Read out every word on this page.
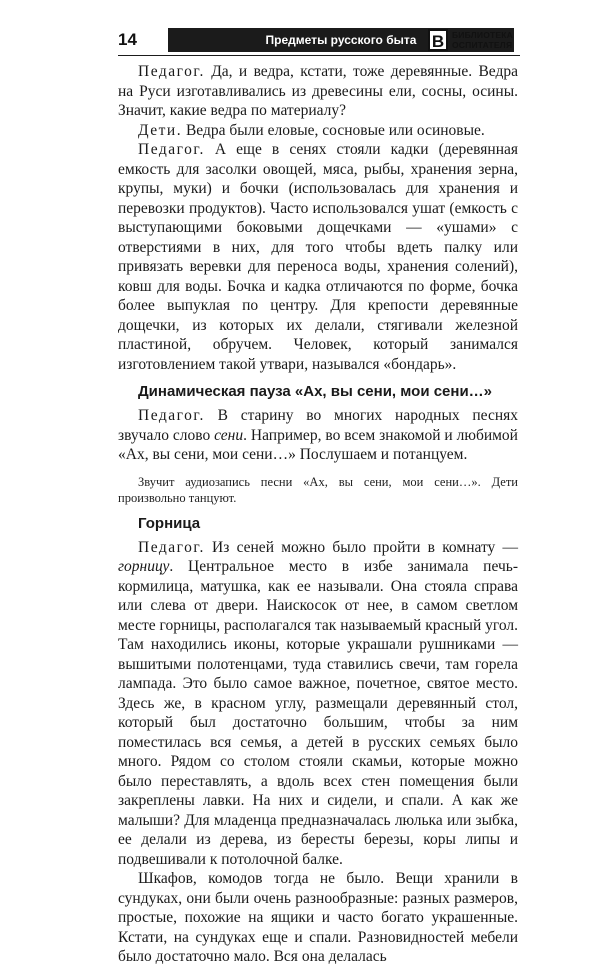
14	Предметы русского быта В БИБЛИОТЕКА
ОСПИТАТЕЛЯ

Педагог. Да, и ведра, кстати, тоже деревянные. Ведра на Руси изготавливались из древесины ели, сосны, осины. Значит, какие ведра по материалу?

Дети. Ведра были еловые, сосновые или осиновые.

Педагог. А еще в сенях стояли кадки (деревянная емкость для засолки овощей, мяса, рыбы, хранения зерна, крупы, муки) и бочки (использовалась для хранения и перевозки продуктов). Часто использовался ушат (емкость с выступающими боковыми дощечками — «ушами» с отверстиями в них, для того чтобы вдеть палку или привязать веревки для переноса воды, хранения солений), ковш для воды. Бочка и кадка отличаются по форме, бочка более выпуклая по центру. Для крепости деревянные дощечки, из которых их делали, стягивали железной пластиной, обручем. Человек, который занимался изготовлением такой утвари, назывался «бондарь».

Динамическая пауза «Ах, вы сени, мои сени…»

Педагог. В старину во многих народных песнях звучало слово сени. Например, во всем знакомой и любимой «Ах, вы сени, мои сени…» Послушаем и потанцуем.

Звучит аудиозапись песни «Ах, вы сени, мои сени…». Дети произвольно танцуют.
Горница

Педагог. Из сеней можно было пройти в комнату — горницу. Центральное место в избе занимала печь-кормилица, матушка, как ее называли. Она стояла справа или слева от двери. Наискосок от нее, в самом светлом месте горницы, располагался так называемый красный угол. Там находились иконы, которые украшали рушниками — вышитыми полотенцами, туда ставились свечи, там горела лампада. Это было самое важное, почетное, святое место. Здесь же, в красном углу, размещали деревянный стол, который был достаточно большим, чтобы за ним поместилась вся семья, а детей в русских семьях было много. Рядом со столом стояли скамьи, которые можно было переставлять, а вдоль всех стен помещения были закреплены лавки. На них и сидели, и спали. А как же малыши? Для младенца предназначалась люлька или зыбка, ее делали из дерева, из бересты березы, коры липы и подвешивали к потолочной балке.

Шкафов, комодов тогда не было. Вещи хранили в сундуках, они были очень разнообразные: разных размеров, простые, похожие на ящики и часто богато украшенные. Кстати, на сундуках еще и спали. Разновидностей мебели было достаточно мало. Вся она делалась
